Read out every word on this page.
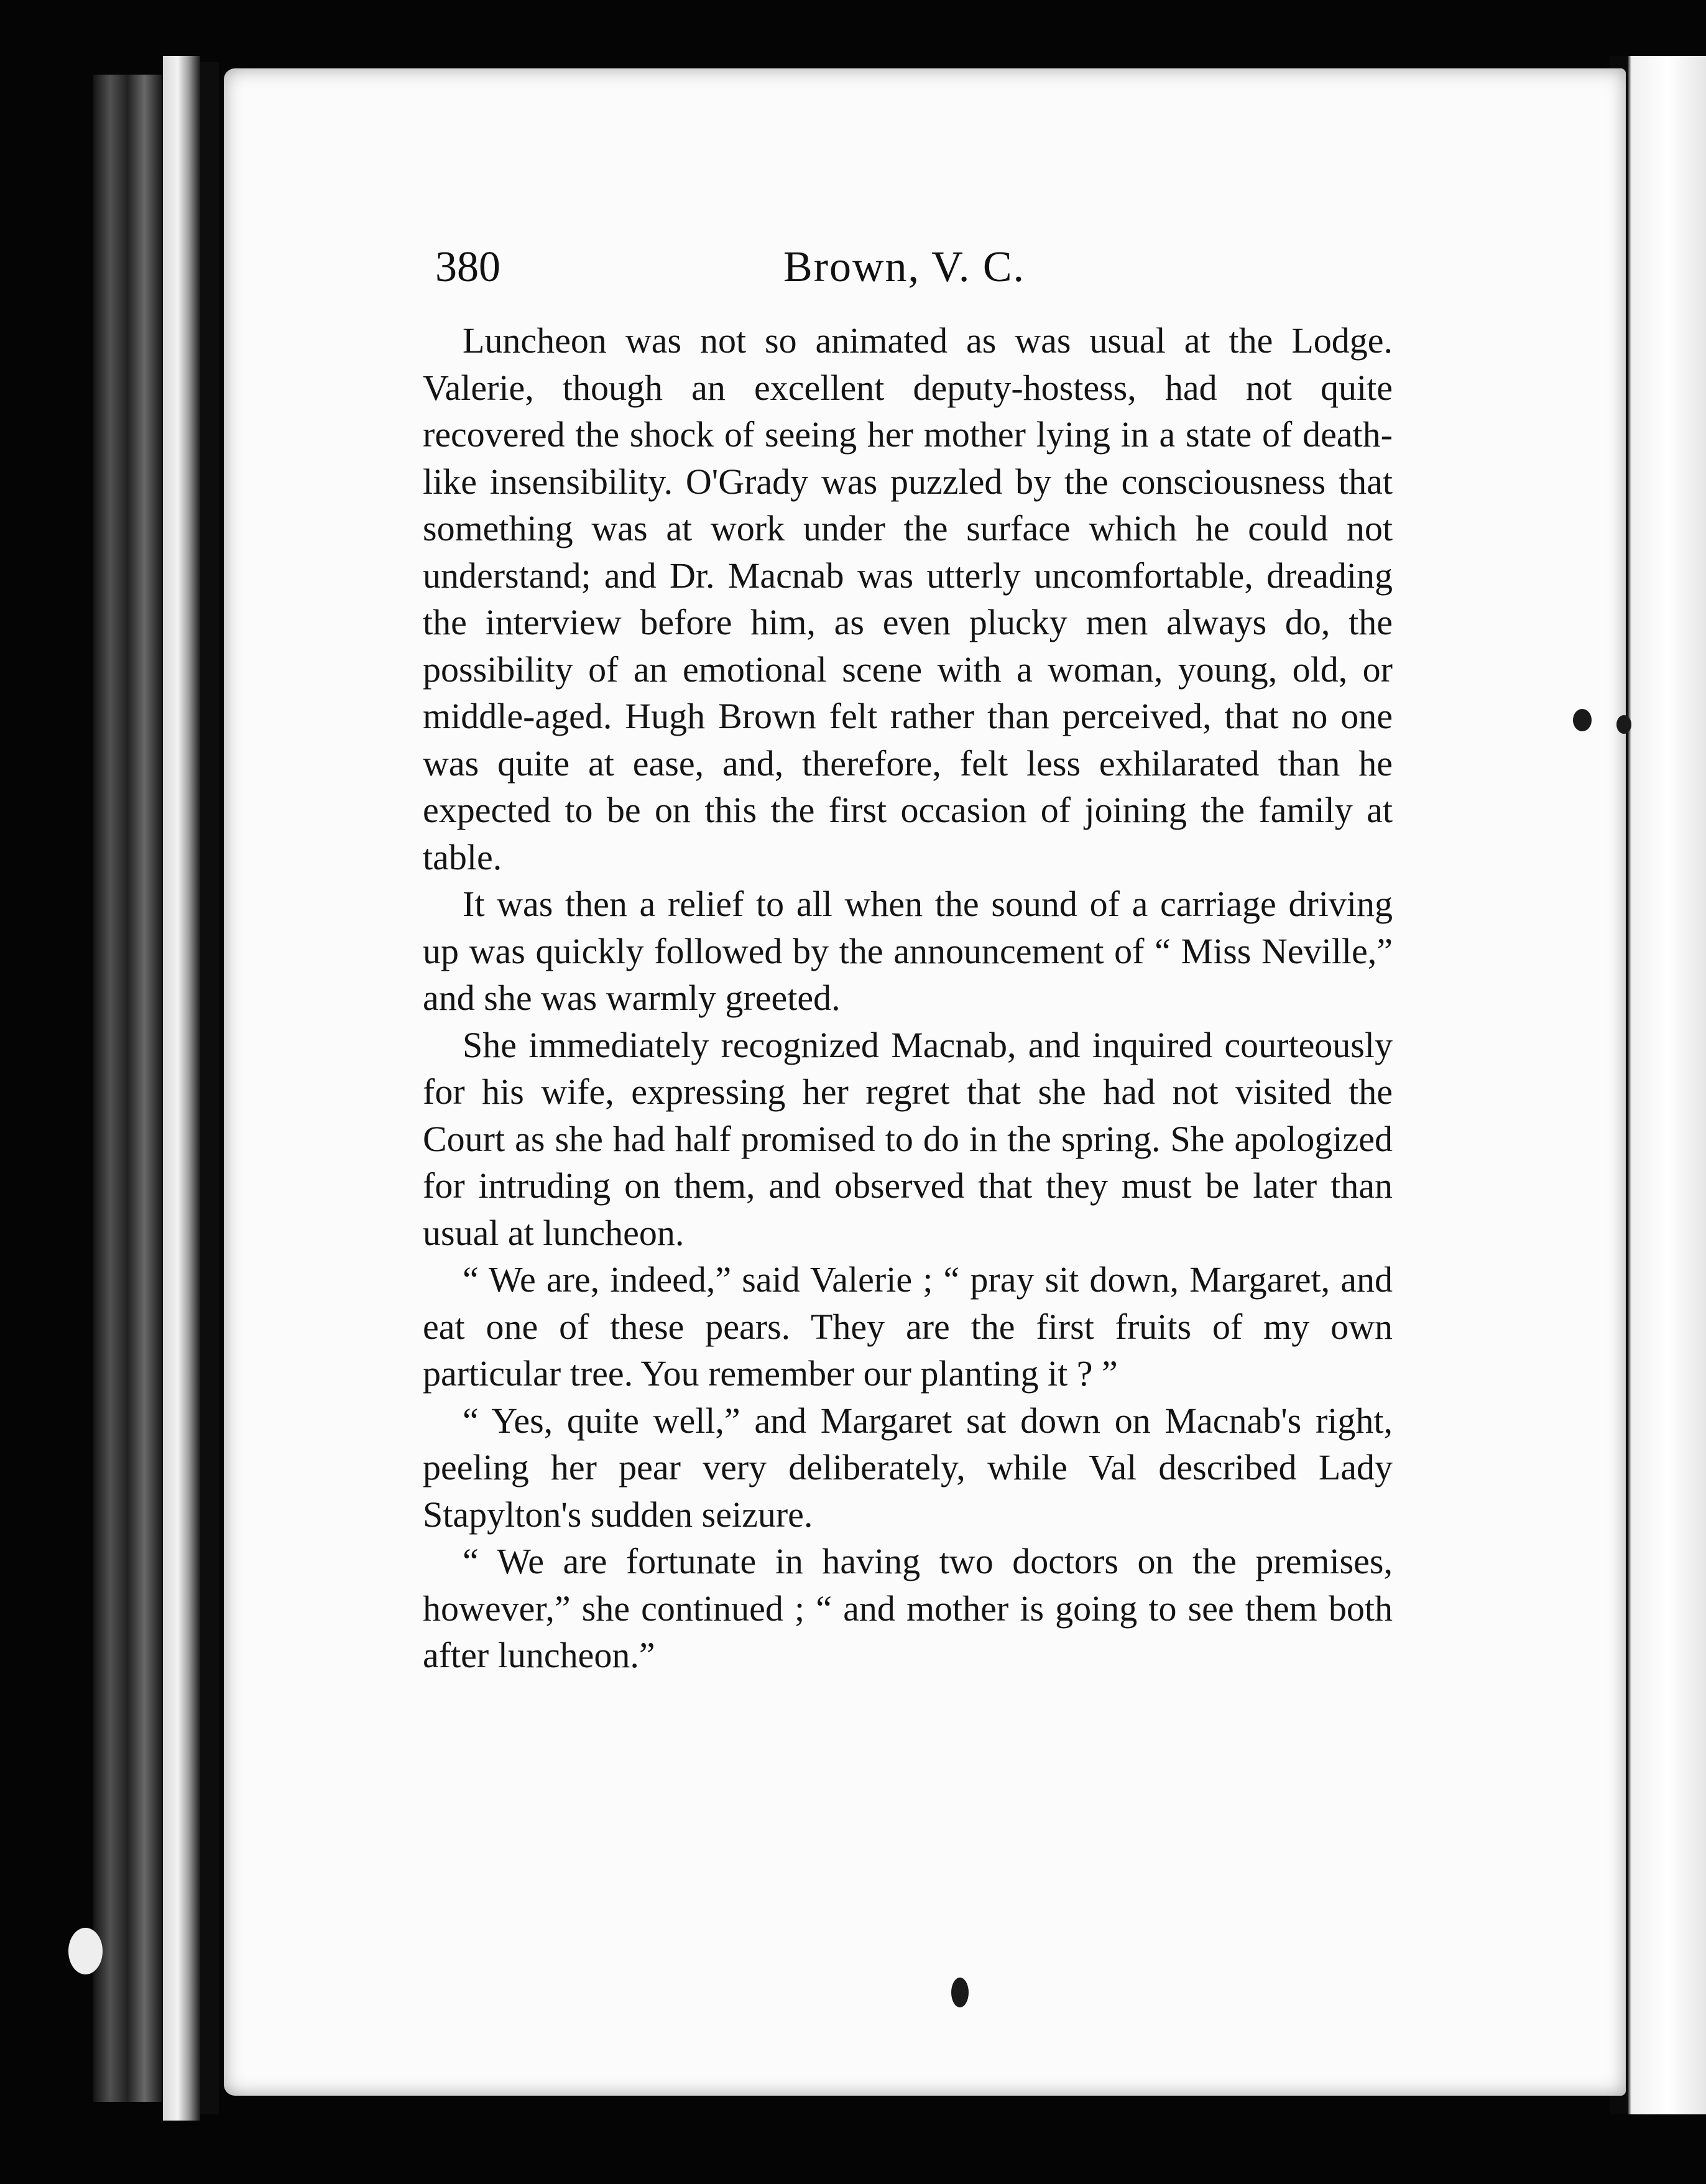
380	Brown, V. C.

Luncheon was not so animated as was usual at the Lodge. Valerie, though an excellent deputy-hostess, had not quite recovered the shock of seeing her mother lying in a state of death-like insensibility. O'Grady was puzzled by the consciousness that something was at work under the surface which he could not understand; and Dr. Macnab was utterly uncomfortable, dreading the interview before him, as even plucky men always do, the possibility of an emotional scene with a woman, young, old, or middle-aged. Hugh Brown felt rather than perceived, that no one was quite at ease, and, therefore, felt less exhilarated than he expected to be on this the first occasion of joining the family at table.

It was then a relief to all when the sound of a carriage driving up was quickly followed by the announcement of “ Miss Neville,” and she was warmly greeted.

She immediately recognized Macnab, and inquired courteously for his wife, expressing her regret that she had not visited the Court as she had half promised to do in the spring. She apologized for intruding on them, and observed that they must be later than usual at luncheon.

“ We are, indeed,” said Valerie ; “ pray sit down, Margaret, and eat one of these pears. They are the first fruits of my own particular tree. You remember our planting it ? ”

“ Yes, quite well,” and Margaret sat down on Macnab's right, peeling her pear very deliberately, while Val described Lady Stapylton's sudden seizure.

“ We are fortunate in having two doctors on the premises, however,” she continued ; “ and mother is going to see them both after luncheon.”
